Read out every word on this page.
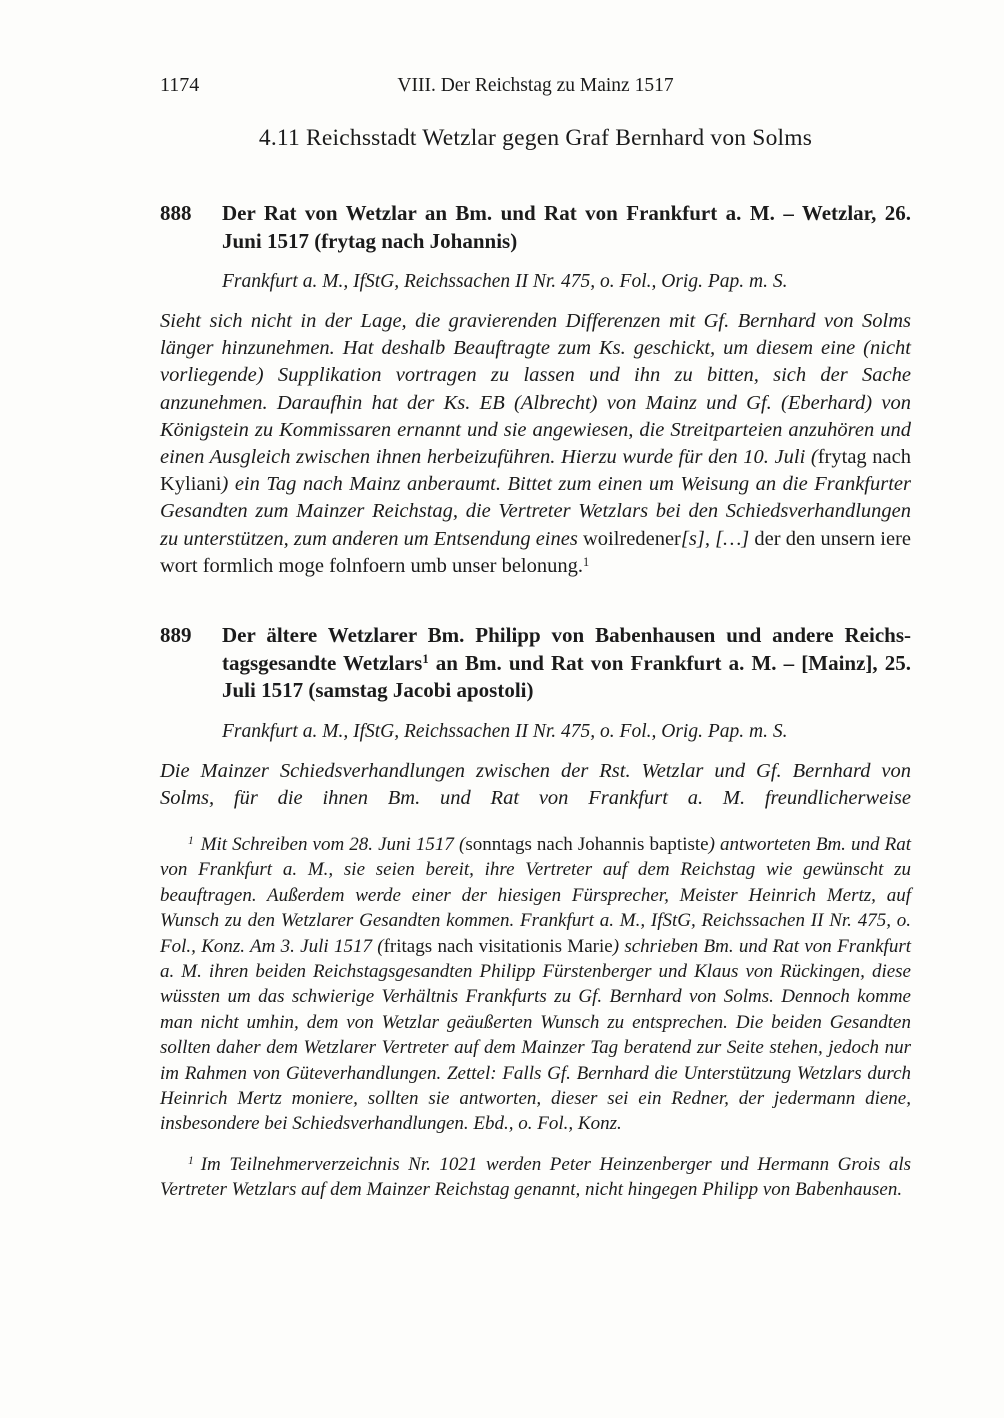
1174	VIII. Der Reichstag zu Mainz 1517
4.11 Reichsstadt Wetzlar gegen Graf Bernhard von Solms
888	Der Rat von Wetzlar an Bm. und Rat von Frankfurt a. M. – Wetzlar, 26. Juni 1517 (frytag nach Johannis)

Frankfurt a. M., IfStG, Reichssachen II Nr. 475, o. Fol., Orig. Pap. m. S.

Sieht sich nicht in der Lage, die gravierenden Differenzen mit Gf. Bernhard von Solms länger hinzunehmen. Hat deshalb Beauftragte zum Ks. geschickt, um diesem eine (nicht vorliegende) Supplikation vortragen zu lassen und ihn zu bitten, sich der Sache anzunehmen. Daraufhin hat der Ks. EB (Albrecht) von Mainz und Gf. (Eberhard) von Königstein zu Kommissaren ernannt und sie angewiesen, die Streitparteien anzuhören und einen Ausgleich zwischen ihnen herbeizuführen. Hierzu wurde für den 10. Juli (frytag nach Kyliani) ein Tag nach Mainz anberaumt. Bittet zum einen um Weisung an die Frankfurter Gesandten zum Mainzer Reichstag, die Vertreter Wetzlars bei den Schiedsverhandlungen zu unterstützen, zum anderen um Entsendung eines woilredener[s], […] der den unsern iere wort formlich moge folnfoern umb unser belonung.$^1$

889	Der ältere Wetzlarer Bm. Philipp von Babenhausen und andere Reichstagsgesandte Wetzlars$^1$ an Bm. und Rat von Frankfurt a. M. – [Mainz], 25. Juli 1517 (samstag Jacobi apostoli)

Frankfurt a. M., IfStG, Reichssachen II Nr. 475, o. Fol., Orig. Pap. m. S.

Die Mainzer Schiedsverhandlungen zwischen der Rst. Wetzlar und Gf. Bernhard von Solms, für die ihnen Bm. und Rat von Frankfurt a. M. freundlicherweise

$^1$ Mit Schreiben vom 28. Juni 1517 (sonntags nach Johannis baptiste) antworteten Bm. und Rat von Frankfurt a. M., sie seien bereit, ihre Vertreter auf dem Reichstag wie gewünscht zu beauftragen. Außerdem werde einer der hiesigen Fürsprecher, Meister Heinrich Mertz, auf Wunsch zu den Wetzlarer Gesandten kommen. Frankfurt a. M., IfStG, Reichssachen II Nr. 475, o. Fol., Konz. Am 3. Juli 1517 (fritags nach visitationis Marie) schrieben Bm. und Rat von Frankfurt a. M. ihren beiden Reichstagsgesandten Philipp Fürstenberger und Klaus von Rückingen, diese wüssten um das schwierige Verhältnis Frankfurts zu Gf. Bernhard von Solms. Dennoch komme man nicht umhin, dem von Wetzlar geäußerten Wunsch zu entsprechen. Die beiden Gesandten sollten daher dem Wetzlarer Vertreter auf dem Mainzer Tag beratend zur Seite stehen, jedoch nur im Rahmen von Güteverhandlungen. Zettel: Falls Gf. Bernhard die Unterstützung Wetzlars durch Heinrich Mertz moniere, sollten sie antworten, dieser sei ein Redner, der jedermann diene, insbesondere bei Schiedsverhandlungen. Ebd., o. Fol., Konz.

$^1$ Im Teilnehmerverzeichnis Nr. 1021 werden Peter Heinzenberger und Hermann Grois als Vertreter Wetzlars auf dem Mainzer Reichstag genannt, nicht hingegen Philipp von Babenhausen.
